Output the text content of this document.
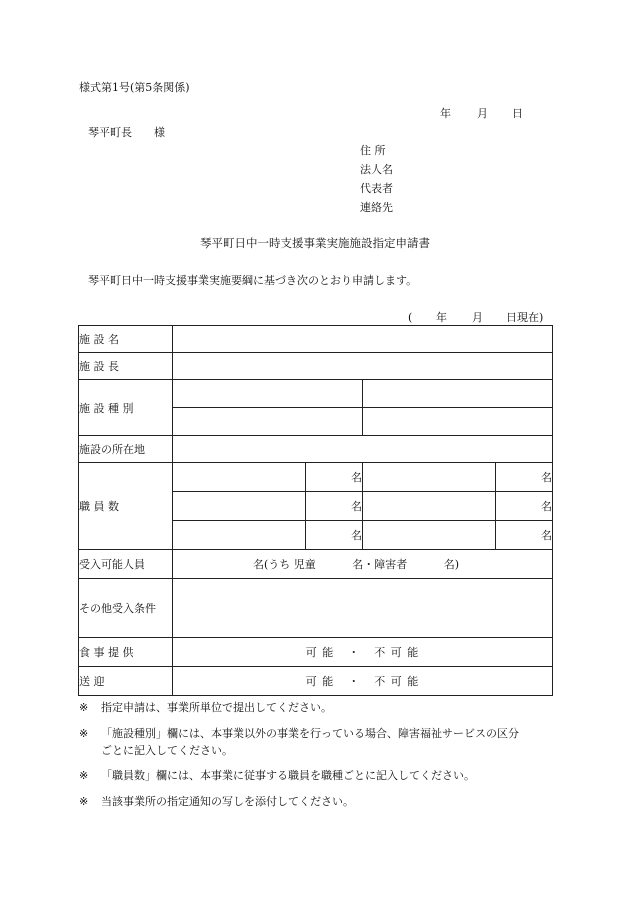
様式第1号(第5条関係)
年 月 日
琴平町長 様
住 所
法人名
代表者
連絡先
琴平町日中一時支援事業実施施設指定申請書
琴平町日中一時支援事業実施要綱に基づき次のとおり申請します。
( 年 月 日現在)
施 設 名				

施 設 長				

施 設 種 別				

施設の所在地				

職 員 数		名		名
		名		名
		名		名
受入可能人員	名(うち 児童 　　　名・障害者　　　 名)			
その他受入条件				

食 事 提 供	可 能 ・ 不 可 能			

送 迎	可 能 ・ 不 可 能			
※ 指定申請は、事業所単位で提出してください。
※ 「施設種別」欄には、本事業以外の事業を行っている場合、障害福祉サービスの区分
ごとに記入してください。
※ 「職員数」欄には、本事業に従事する職員を職種ごとに記入してください。
※ 当該事業所の指定通知の写しを添付してください。
